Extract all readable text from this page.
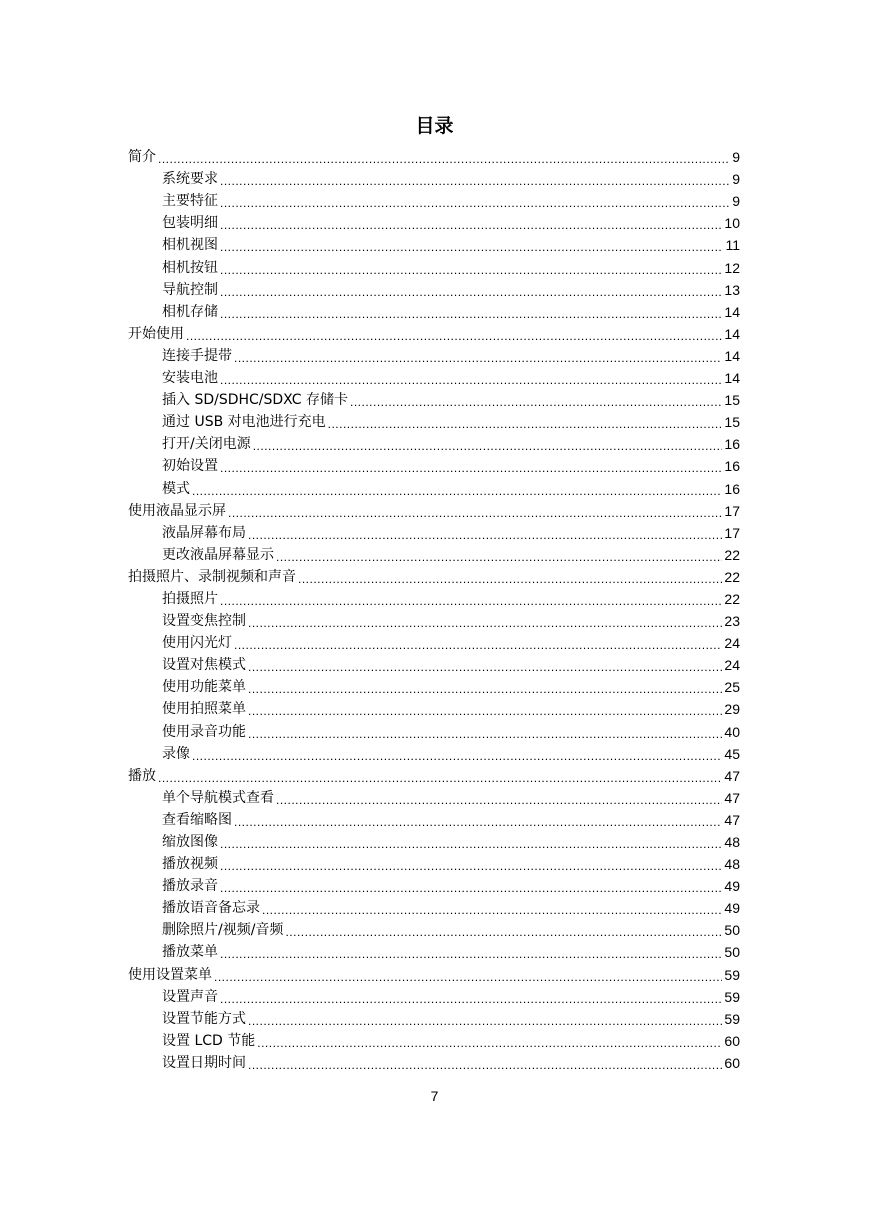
目录
简介 .....	9
系统要求 .....	9
主要特征 .....	9
包装明细 .....	10
相机视图 .....	11
相机按钮 .....	12
导航控制 .....	13
相机存储 .....	14
开始使用 .....	14
连接手提带 .....	14
安装电池 .....	14
插入 SD/SDHC/SDXC 存储卡 .....	15
通过 USB 对电池进行充电 .....	15
打开/关闭电源 .....	16
初始设置 .....	16
模式 .....	16
使用液晶显示屏 .....	17
液晶屏幕布局 .....	17
更改液晶屏幕显示 .....	22
拍摄照片、录制视频和声音 .....	22
拍摄照片 .....	22
设置变焦控制 .....	23
使用闪光灯 .....	24
设置对焦模式 .....	24
使用功能菜单 .....	25
使用拍照菜单 .....	29
使用录音功能 .....	40
录像 .....	45
播放 .....	47
单个导航模式查看 .....	47
查看缩略图 .....	47
缩放图像 .....	48
播放视频 .....	48
播放录音 .....	49
播放语音备忘录 .....	49
删除照片/视频/音频 .....	50
播放菜单 .....	50
使用设置菜单 .....	59
设置声音 .....	59
设置节能方式 .....	59
设置 LCD 节能 .....	60
设置日期时间 .....	60
7
